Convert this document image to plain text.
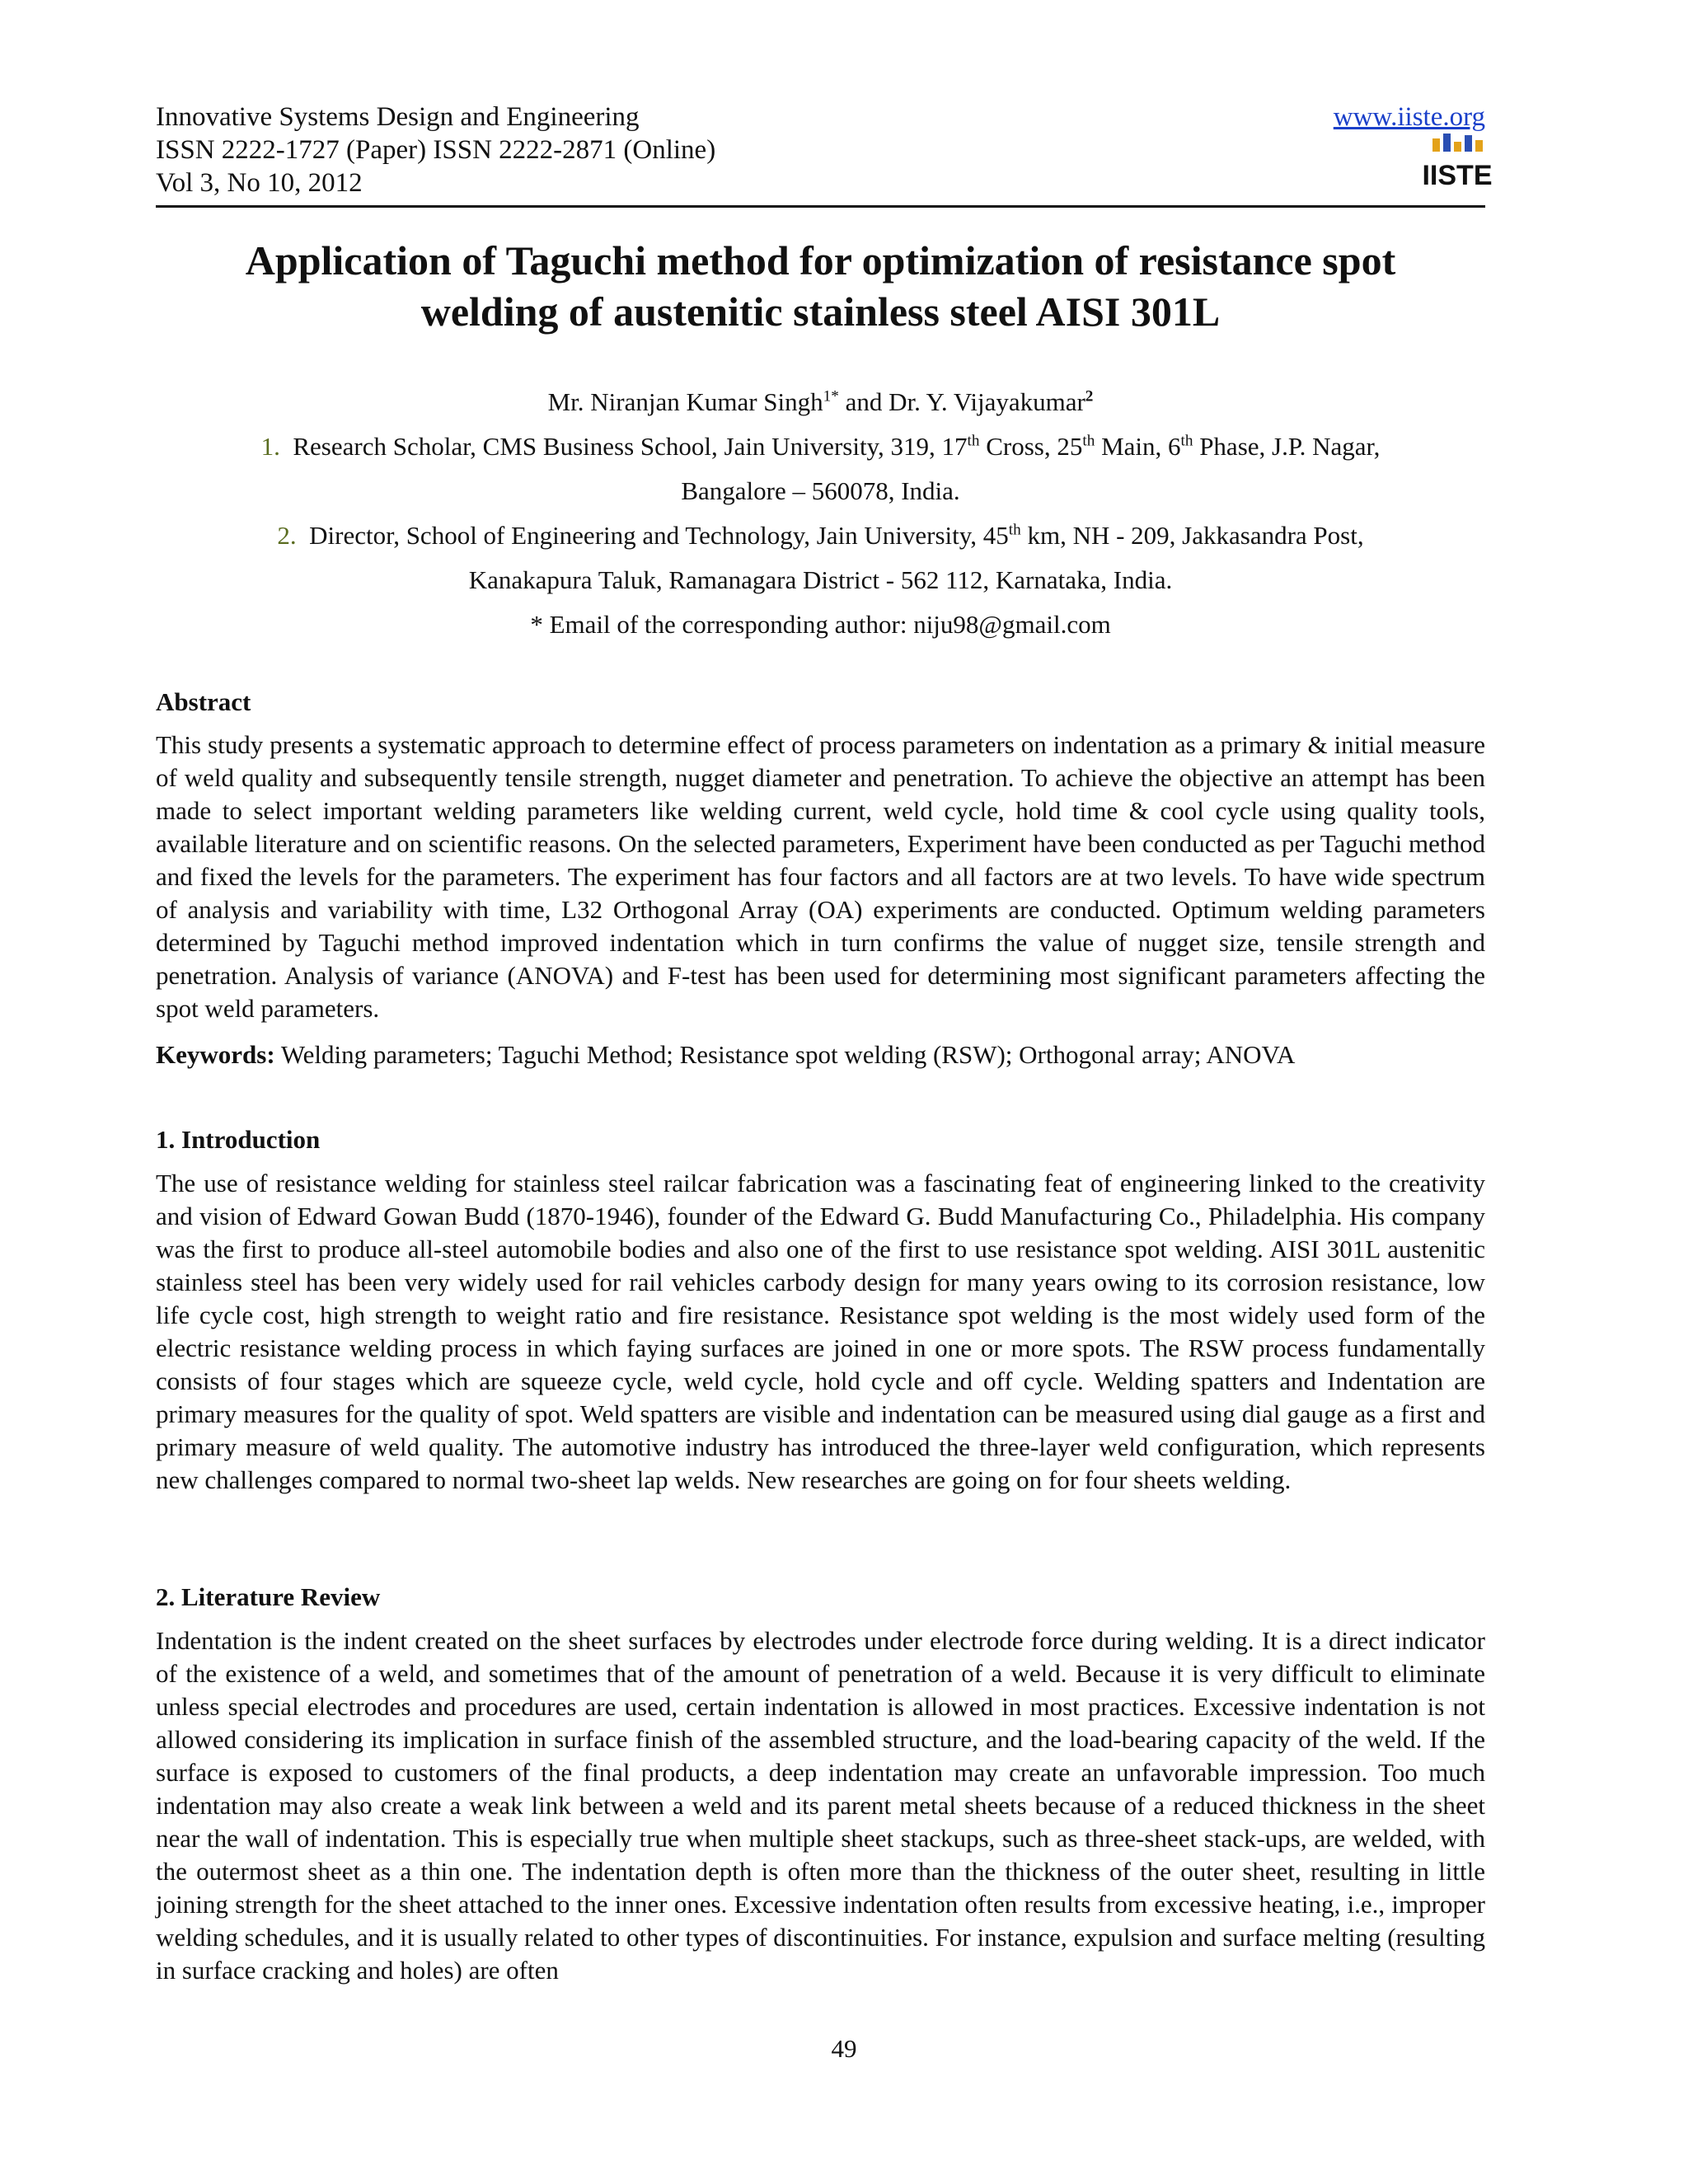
Innovative Systems Design and Engineering
ISSN 2222-1727 (Paper) ISSN 2222-2871 (Online)
Vol 3, No 10, 2012
www.iiste.org
IISTE
Application of Taguchi method for optimization of resistance spot
welding of austenitic stainless steel AISI 301L
Mr. Niranjan Kumar Singh$^{1*}$ and Dr. Y. Vijayakumar$^2$
1. Research Scholar, CMS Business School, Jain University, 319, 17th Cross, 25th Main, 6th Phase, J.P. Nagar,
Bangalore – 560078, India.
2. Director, School of Engineering and Technology, Jain University, 45th km, NH - 209, Jakkasandra Post,
Kanakapura Taluk, Ramanagara District - 562 112, Karnataka, India.
* Email of the corresponding author: niju98@gmail.com
Abstract
This study presents a systematic approach to determine effect of process parameters on indentation as a primary & initial measure of weld quality and subsequently tensile strength, nugget diameter and penetration. To achieve the objective an attempt has been made to select important welding parameters like welding current, weld cycle, hold time & cool cycle using quality tools, available literature and on scientific reasons. On the selected parameters, Experiment have been conducted as per Taguchi method and fixed the levels for the parameters. The experiment has four factors and all factors are at two levels. To have wide spectrum of analysis and variability with time, L32 Orthogonal Array (OA) experiments are conducted. Optimum welding parameters determined by Taguchi method improved indentation which in turn confirms the value of nugget size, tensile strength and penetration. Analysis of variance (ANOVA) and F-test has been used for determining most significant parameters affecting the spot weld parameters.
Keywords: Welding parameters; Taguchi Method; Resistance spot welding (RSW); Orthogonal array; ANOVA
1. Introduction
The use of resistance welding for stainless steel railcar fabrication was a fascinating feat of engineering linked to the creativity and vision of Edward Gowan Budd (1870-1946), founder of the Edward G. Budd Manufacturing Co., Philadelphia. His company was the first to produce all-steel automobile bodies and also one of the first to use resistance spot welding. AISI 301L austenitic stainless steel has been very widely used for rail vehicles carbody design for many years owing to its corrosion resistance, low life cycle cost, high strength to weight ratio and fire resistance. Resistance spot welding is the most widely used form of the electric resistance welding process in which faying surfaces are joined in one or more spots. The RSW process fundamentally consists of four stages which are squeeze cycle, weld cycle, hold cycle and off cycle. Welding spatters and Indentation are primary measures for the quality of spot. Weld spatters are visible and indentation can be measured using dial gauge as a first and primary measure of weld quality. The automotive industry has introduced the three-layer weld configuration, which represents new challenges compared to normal two-sheet lap welds. New researches are going on for four sheets welding.
2. Literature Review
Indentation is the indent created on the sheet surfaces by electrodes under electrode force during welding. It is a direct indicator of the existence of a weld, and sometimes that of the amount of penetration of a weld. Because it is very difficult to eliminate unless special electrodes and procedures are used, certain indentation is allowed in most practices. Excessive indentation is not allowed considering its implication in surface finish of the assembled structure, and the load-bearing capacity of the weld. If the surface is exposed to customers of the final products, a deep indentation may create an unfavorable impression. Too much indentation may also create a weak link between a weld and its parent metal sheets because of a reduced thickness in the sheet near the wall of indentation. This is especially true when multiple sheet stackups, such as three-sheet stack-ups, are welded, with the outermost sheet as a thin one. The indentation depth is often more than the thickness of the outer sheet, resulting in little joining strength for the sheet attached to the inner ones. Excessive indentation often results from excessive heating, i.e., improper welding schedules, and it is usually related to other types of discontinuities. For instance, expulsion and surface melting (resulting in surface cracking and holes) are often
49
